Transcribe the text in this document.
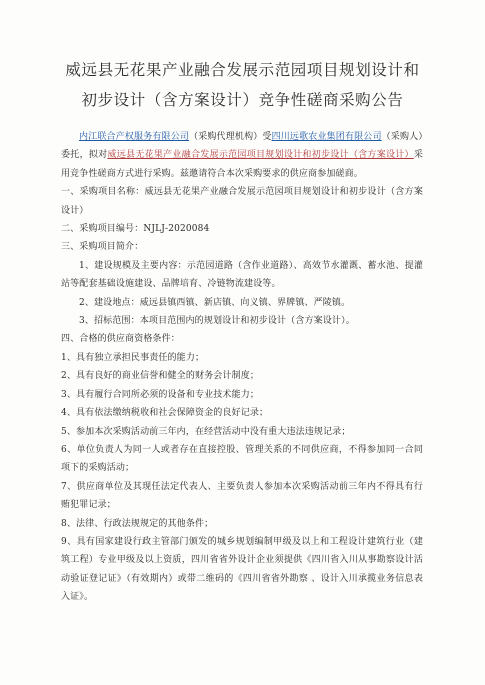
威远县无花果产业融合发展示范园项目规划设计和
初步设计（含方案设计）竞争性磋商采购公告

内江联合产权服务有限公司（采购代理机构）受四川远歌农业集团有限公司（采购人）委托，拟对威远县无花果产业融合发展示范园项目规划设计和初步设计（含方案设计）采用竞争性磋商方式进行采购。兹邀请符合本次采购要求的供应商参加磋商。

一、采购项目名称：威远县无花果产业融合发展示范园项目规划设计和初步设计（含方案设计）

二、采购项目编号：NJLJ-2020084

三、采购项目简介：

1、建设规模及主要内容：示范园道路（含作业道路）、高效节水灌溉、蓄水池、提灌站等配套基础设施建设、品牌培育、冷链物流建设等。

2、建设地点：威远县镇西镇、新店镇、向义镇、界牌镇、严陵镇。

3、招标范围：本项目范围内的规划设计和初步设计（含方案设计）。

四、合格的供应商资格条件：

1、具有独立承担民事责任的能力；

2、具有良好的商业信誉和健全的财务会计制度；

3、具有履行合同所必须的设备和专业技术能力；

4、具有依法缴纳税收和社会保障资金的良好记录；

5、参加本次采购活动前三年内，在经营活动中没有重大违法违规记录；

6、单位负责人为同一人或者存在直接控股、管理关系的不同供应商，不得参加同一合同项下的采购活动；

7、供应商单位及其现任法定代表人、主要负责人参加本次采购活动前三年内不得具有行贿犯罪记录；

8、法律、行政法规规定的其他条件；

9、具有国家建设行政主管部门颁发的城乡规划编制甲级及以上和工程设计建筑行业（建筑工程）专业甲级及以上资质，四川省省外设计企业须提供《四川省入川从事勘察设计活动验证登记证》（有效期内）或带二维码的《四川省省外勘察 、设计入川承揽业务信息表入证》。
